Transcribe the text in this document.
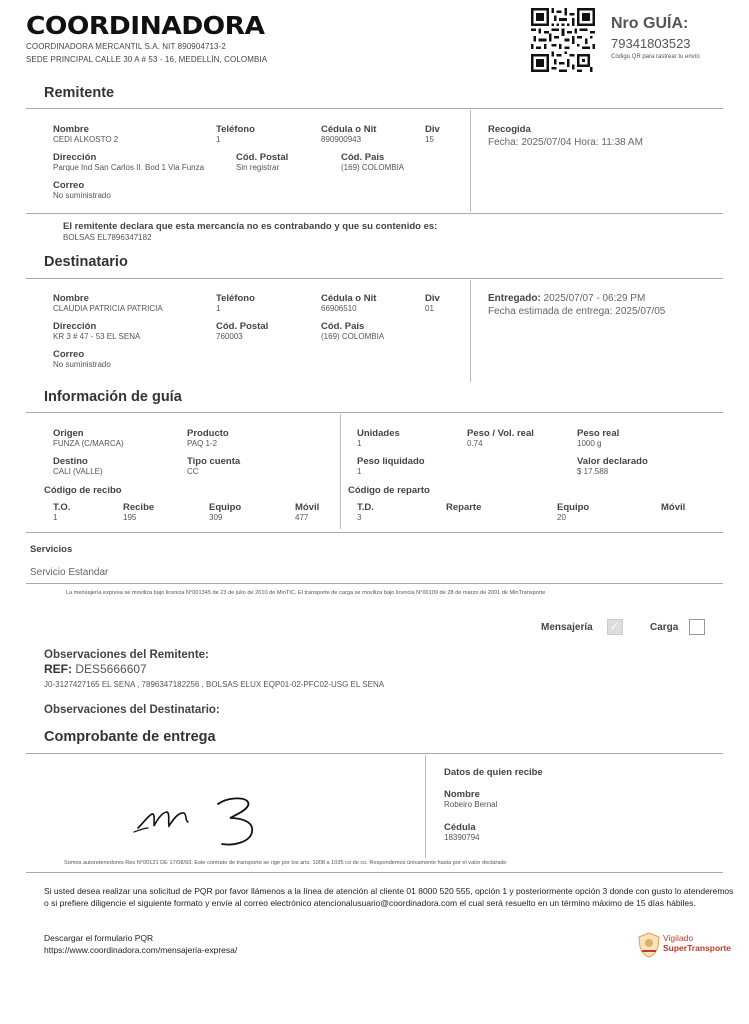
COORDINADORA
COORDINADORA MERCANTIL S.A. NIT 890904713-2
SEDE PRINCIPAL CALLE 30 A # 53 - 16, MEDELLÍN, COLOMBIA
Nro GUÍA:
79341803523
Código QR para rastrear tu envío
Remitente
Nombre
CEDI ALKOSTO 2
Teléfono
1
Cédula o Nit
890900943
Div
15
Dirección
Parque Ind San Carlos II. Bod 1 Via Funza
Cód. Postal
Sin registrar
Cód. País
(169) COLOMBIA
Correo
No suministrado
Recogida
Fecha: 2025/07/04 Hora: 11:38 AM
El remitente declara que esta mercancía no es contrabando y que su contenido es:
BOLSAS EL7896347182
Destinatario
Nombre
CLAUDIA PATRICIA PATRICIA
Teléfono
1
Cédula o Nit
66906510
Div
01
Dirección
KR 3 # 47 - 53 EL SENA
Cód. Postal
760003
Cód. País
(169) COLOMBIA
Correo
No suministrado
Entregado: 2025/07/07 - 06:29 PM
Fecha estimada de entrega: 2025/07/05
Información de guía
Origen
FUNZA (C/MARCA)
Producto
PAQ 1-2
Destino
CALI (VALLE)
Tipo cuenta
CC
Unidades
1
Peso / Vol. real
0.74
Peso real
1000 g
Peso liquidado
1
Valor declarado
$ 17.588
Código de recibo
T.O.
1
Recibe
195
Equipo
309
Móvil
477
Código de reparto
T.D.
3
Reparte	Equipo
20
Móvil
Servicios
Servicio Estandar
La mensajería expresa se moviliza bajo licencia N°001345 de 23 de julio de 2010 de MinTIC. El transporte de carga se moviliza bajo licencia N°00109 de 28 de marzo de 2001 de MinTransporte
Mensajería
✓	Carga
Observaciones del Remitente:
REF: DES5666607
J0-3127427165 EL SENA , 7896347182256 , BOLSAS ELUX EQP01-02-PFC02-USG EL SENA
Observaciones del Destinatario:
Comprobante de entrega
Datos de quien recibe
Nombre
Robeiro Bernal
Cédula
18390794
Somos autoretenedores Res N°00121 DE 17/08/93. Este contrato de transporte se rige por los arts. 1008 a 1035 co de co. Respondemos únicamente hasta por el valor declarado
Si usted desea realizar una solicitud de PQR por favor llámenos a la línea de atención al cliente 01 8000 520 555, opción 1 y posteriormente opción 3 donde con gusto lo atenderemos o si prefiere diligencie el siguiente formato y envíe al correo electrónico atencionalusuario@coordinadora.com el cual será resuelto en un término máximo de 15 días hábiles.
Descargar el formulario PQR
https://www.coordinadora.com/mensajeria-expresa/
Vigilado
SuperTransporte
